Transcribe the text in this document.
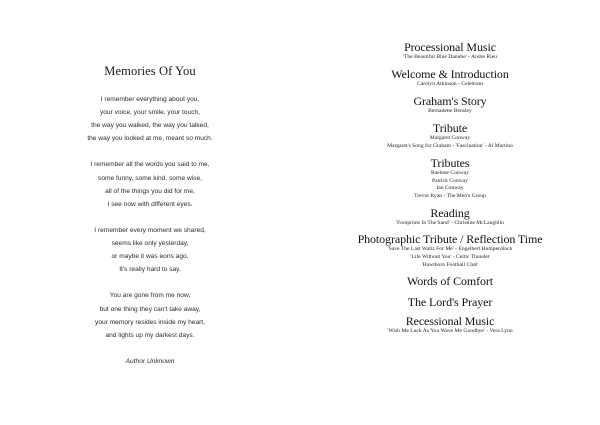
Memories Of You
I remember everything about you,
your voice, your smile, your touch,
the way you walked, the way you talked,
the way you looked at me, meant so much.
I remember all the words you said to me,
some funny, some kind, some wise,
all of the things you did for me,
I see now with different eyes.
I remember every moment we shared,
seems like only yesterday,
or maybe it was eons ago,
It's really hard to say.
You are gone from me now,
but one thing they can't take away,
your memory resides inside my heart,
and lights up my darkest days.
Author Unknown
Processional Music
'The Beautiful Blue Danube' - Andre Rieu
Welcome & Introduction
Carolyn Atkinson - Celebrant
Graham's Story
Bernadette Bensley
Tribute
Margaret Conway
Margaret's Song for Graham - 'Fascination' - Al Martino
Tributes
Raelene Conway
Patrick Conway
Ian Conway
Trevor Ryan - The Men's Group
Reading
'Footprints In The Sand' - Christine McLaughlin
Photographic Tribute / Reflection Time
'Save The Last Waltz For Me' - Engelbert Humperdinck
'Life Without You' - Celtic Thunder
'Hawthorn Football Club'
Words of Comfort
The Lord's Prayer
Recessional Music
'Wish Me Luck As You Wave Me Goodbye' - Vera Lynn
